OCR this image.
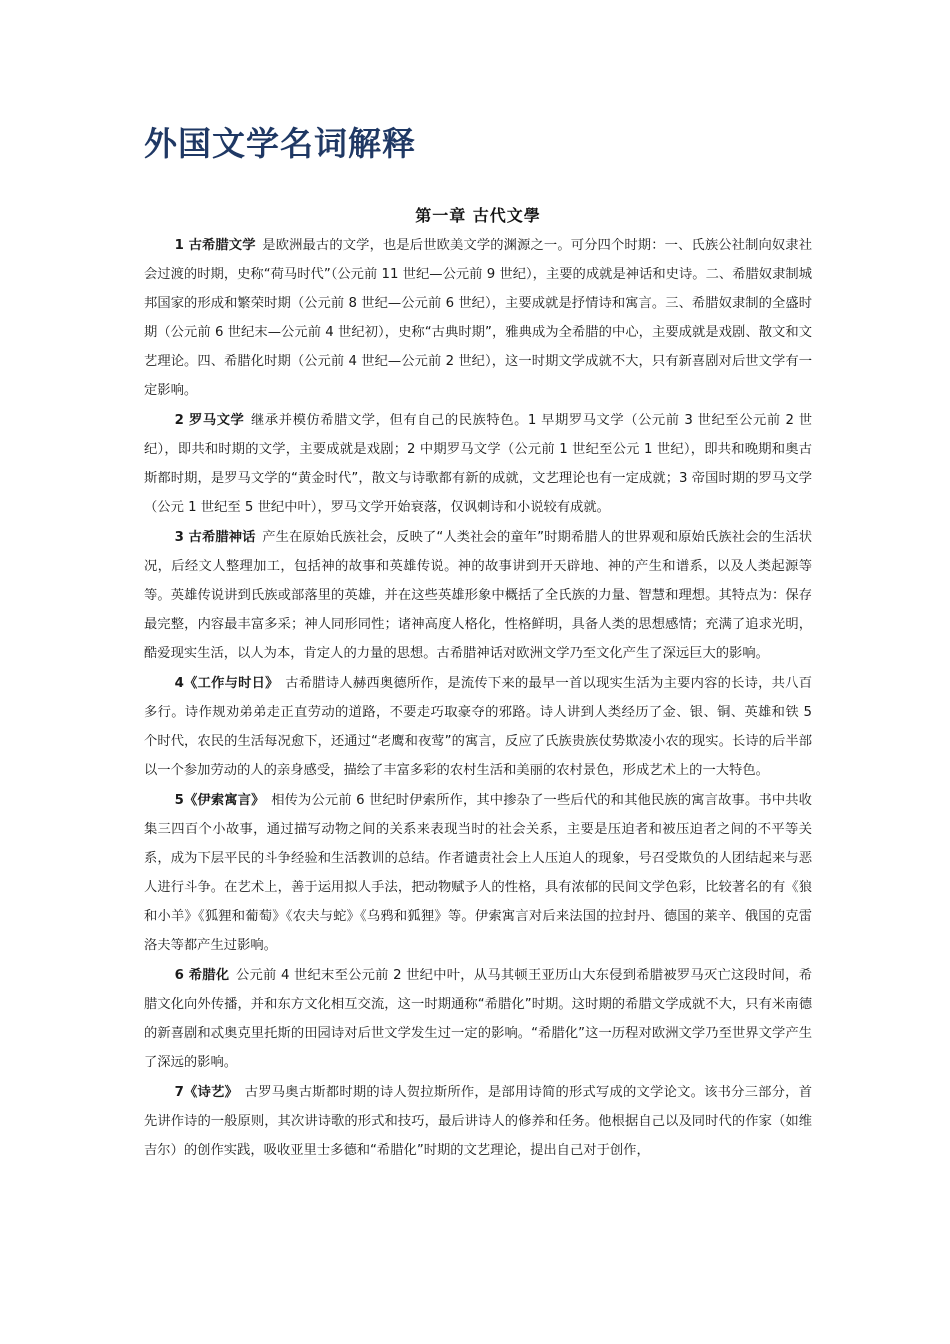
外国文学名词解释
第一章 古代文學

1 古希腊文学 是欧洲最古的文学，也是后世欧美文学的渊源之一。可分四个时期：一、氏族公社制向奴隶社会过渡的时期，史称“荷马时代”（公元前 11 世纪—公元前 9 世纪），主要的成就是神话和史诗。二、希腊奴隶制城邦国家的形成和繁荣时期（公元前 8 世纪—公元前 6 世纪），主要成就是抒情诗和寓言。三、希腊奴隶制的全盛时期（公元前 6 世纪末—公元前 4 世纪初），史称“古典时期”，雅典成为全希腊的中心，主要成就是戏剧、散文和文艺理论。四、希腊化时期（公元前 4 世纪—公元前 2 世纪），这一时期文学成就不大，只有新喜剧对后世文学有一定影响。

2 罗马文学 继承并模仿希腊文学，但有自己的民族特色。1 早期罗马文学（公元前 3 世纪至公元前 2 世纪），即共和时期的文学，主要成就是戏剧；2 中期罗马文学（公元前 1 世纪至公元 1 世纪），即共和晚期和奥古斯都时期，是罗马文学的“黄金时代”，散文与诗歌都有新的成就，文艺理论也有一定成就；3 帝国时期的罗马文学（公元 1 世纪至 5 世纪中叶），罗马文学开始衰落，仅讽刺诗和小说较有成就。

3 古希腊神话 产生在原始氏族社会，反映了“人类社会的童年”时期希腊人的世界观和原始氏族社会的生活状况，后经文人整理加工，包括神的故事和英雄传说。神的故事讲到开天辟地、神的产生和谱系，以及人类起源等等。英雄传说讲到氏族或部落里的英雄，并在这些英雄形象中概括了全氏族的力量、智慧和理想。其特点为：保存最完整，内容最丰富多采；神人同形同性；诸神高度人格化，性格鲜明，具备人类的思想感情；充满了追求光明，酷爱现实生活，以人为本，肯定人的力量的思想。古希腊神话对欧洲文学乃至文化产生了深远巨大的影响。

4《工作与时日》 古希腊诗人赫西奥德所作，是流传下来的最早一首以现实生活为主要内容的长诗，共八百多行。诗作规劝弟弟走正直劳动的道路，不要走巧取豪夺的邪路。诗人讲到人类经历了金、银、铜、英雄和铁 5 个时代，农民的生活每况愈下，还通过“老鹰和夜莺”的寓言，反应了氏族贵族仗势欺凌小农的现实。长诗的后半部以一个参加劳动的人的亲身感受，描绘了丰富多彩的农村生活和美丽的农村景色，形成艺术上的一大特色。

5《伊索寓言》 相传为公元前 6 世纪时伊索所作，其中掺杂了一些后代的和其他民族的寓言故事。书中共收集三四百个小故事，通过描写动物之间的关系来表现当时的社会关系，主要是压迫者和被压迫者之间的不平等关系，成为下层平民的斗争经验和生活教训的总结。作者谴责社会上人压迫人的现象，号召受欺负的人团结起来与恶人进行斗争。在艺术上，善于运用拟人手法，把动物赋予人的性格，具有浓郁的民间文学色彩，比较著名的有《狼和小羊》《狐狸和葡萄》《农夫与蛇》《乌鸦和狐狸》等。伊索寓言对后来法国的拉封丹、德国的莱辛、俄国的克雷洛夫等都产生过影响。

6 希腊化 公元前 4 世纪末至公元前 2 世纪中叶，从马其顿王亚历山大东侵到希腊被罗马灭亡这段时间，希腊文化向外传播，并和东方文化相互交流，这一时期通称“希腊化”时期。这时期的希腊文学成就不大，只有米南德的新喜剧和忒奥克里托斯的田园诗对后世文学发生过一定的影响。“希腊化”这一历程对欧洲文学乃至世界文学产生了深远的影响。

7《诗艺》 古罗马奥古斯都时期的诗人贺拉斯所作，是部用诗简的形式写成的文学论文。该书分三部分，首先讲作诗的一般原则，其次讲诗歌的形式和技巧，最后讲诗人的修养和任务。他根据自己以及同时代的作家（如维吉尔）的创作实践，吸收亚里士多德和“希腊化”时期的文艺理论，提出自己对于创作，
